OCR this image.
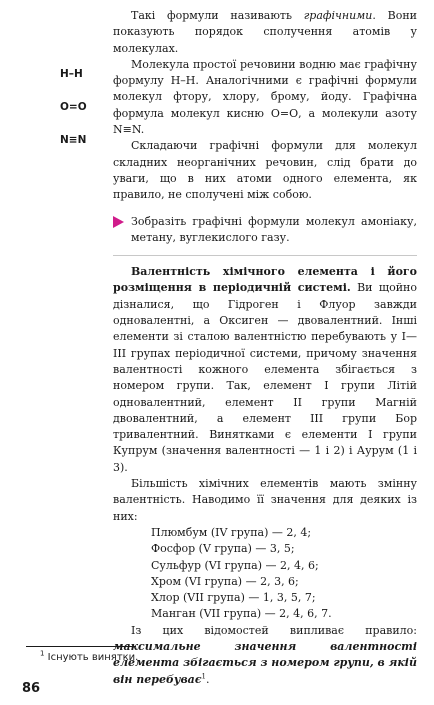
Н–Н
О=О
N≡N

Такі формули називають графічними. Вони показують порядок сполучення атомів у молекулах.

Молекула простої речовини водню має графічну формулу Н–Н. Аналогічними є графічні формули молекул фтору, хлору, брому, йоду. Графічна формула молекул кисню О=О, а молекули азоту N≡N.

Складаючи графічні формули для молекул складних неорганічних речовин, слід брати до уваги, що в них атоми одного елемента, як правило, не сполучені між собою.

Зобразіть графічні формули молекул амоніаку, метану, вуглекислого газу.

Валентність хімічного елемента і його розміщення в періодичній системі. Ви щойно дізналися, що Гідроген і Флуор завжди одновалентні, а Оксиген — двовалентний. Інші елементи зі сталою валентністю перебувають у І—ІІІ групах періодичної системи, причому значення валентності кожного елемента збігається з номером групи. Так, елемент І групи Літій одновалентний, елемент ІІ групи Магній двовалентний, а елемент ІІІ групи Бор тривалентний. Винятками є елементи І групи Купрум (значення валентності — 1 і 2) і Аурум (1 і 3).

Більшість хімічних елементів мають змінну валентність. Наводимо її значення для деяких із них:

Плюмбум (IV група) — 2, 4;
Фосфор (V група) — 3, 5;
Сульфур (VI група) — 2, 4, 6;
Хром (VI група) — 2, 3, 6;
Хлор (VII група) — 1, 3, 5, 7;
Манган (VII група) — 2, 4, 6, 7.

Із цих відомостей випливає правило: максимальне значення валентності елемента збігається з номером групи, в якій він перебуває$^1$.

$^1$ Існують винятки.
86
